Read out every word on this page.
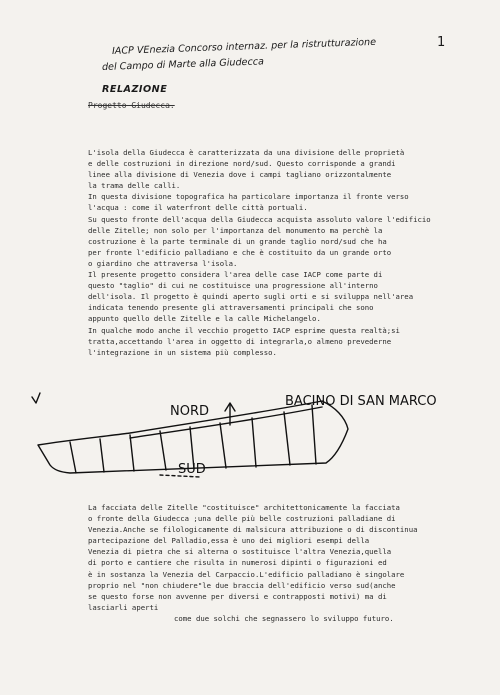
IACP VEnezia Concorso internaz. per la ristrutturazione
del Campo di Marte alla Giudecca
RELAZIONE
1
Progetto Giudecca.
L'isola della Giudecca è caratterizzata da una divisione delle proprietà
e delle costruzioni in direzione nord/sud. Questo corrisponde a grandi
linee alla divisione di Venezia dove i campi tagliano orizzontalmente
la trama delle calli.
In questa divisione topografica ha particolare importanza il fronte verso
l'acqua : come il waterfront delle città portuali.
Su questo fronte dell'acqua della Giudecca acquista assoluto valore l'edificio
delle Zitelle; non solo per l'importanza del monumento ma perchè la
costruzione è la parte terminale di un grande taglio nord/sud che ha
per fronte l'edificio palladiano e che è costituito da un grande orto
o giardino che attraversa l'isola.
Il presente progetto considera l'area delle case IACP come parte di
questo "taglio" di cui ne costituisce una progressione all'interno
dell'isola. Il progetto è quindi aperto sugli orti e si sviluppa nell'area
indicata tenendo presente gli attraversamenti principali che sono
appunto quello delle Zitelle e la calle Michelangelo.
In qualche modo anche il vecchio progetto IACP esprime questa realtà;si
tratta,accettando l'area in oggetto di integrarla,o almeno prevederne
l'integrazione in un sistema più complesso.
NORD
SUD
BACINO DI SAN MARCO
La facciata delle Zitelle "costituisce" architettonicamente la facciata
o fronte della Giudecca ;una delle più belle costruzioni palladiane di
Venezia.Anche se filologicamente di malsicura attribuzione o di discontinua
partecipazione del Palladio,essa è uno dei migliori esempi della
Venezia di pietra che si alterna o sostituisce l'altra Venezia,quella
di porto e cantiere che risulta in numerosi dipinti o figurazioni ed
è in sostanza la Venezia del Carpaccio.L'edificio palladiano è singolare
proprio nel "non chiudere"le due braccia dell'edificio verso sud(anche
se questo forse non avvenne per diversi e contrapposti motivi) ma di
lasciarli aperti
come due solchi che segnassero lo sviluppo futuro.
